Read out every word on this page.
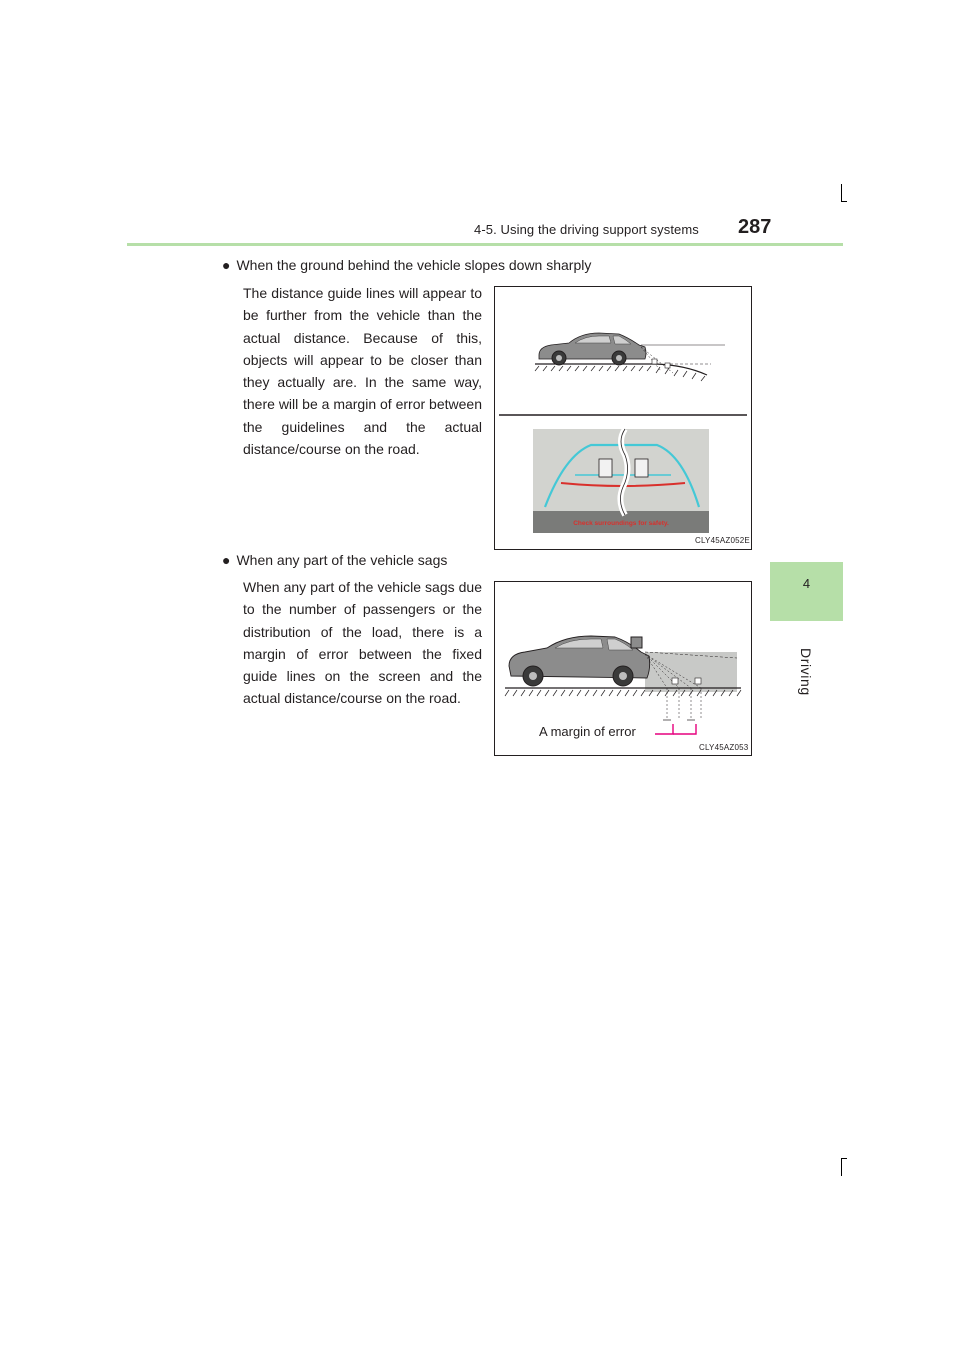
4-5. Using the driving support systems 287
4
Driving
● When the ground behind the vehicle slopes down sharply
The distance guide lines will appear to be further from the vehicle than the actual distance. Because of this, objects will appear to be closer than they actually are. In the same way, there will be a margin of error between the guidelines and the actual distance/course on the road.
Check surroundings for safety.
CLY45AZ052E
● When any part of the vehicle sags
When any part of the vehicle sags due to the number of passengers or the distribution of the load, there is a margin of error between the fixed guide lines on the screen and the actual distance/course on the road.
A margin of error
CLY45AZ053
